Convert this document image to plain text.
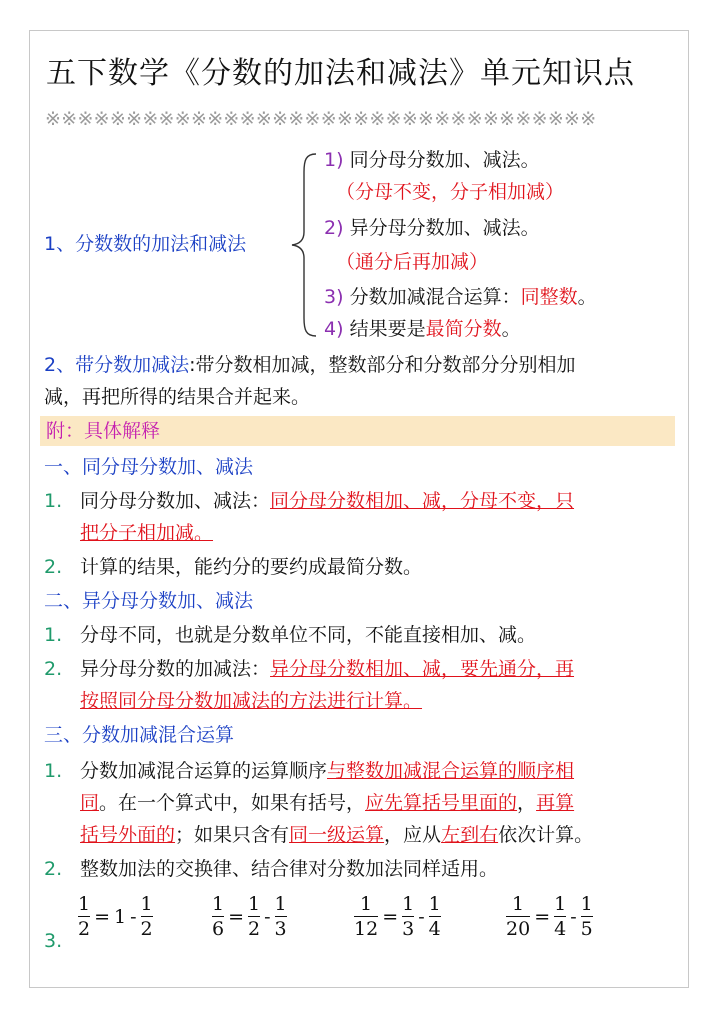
五下数学《分数的加法和减法》单元知识点
※※※※※※※※※※※※※※※※※※※※※※※※※※※※※※※※※※
1、分数数的加法和减法
1) 同分母分数加、减法。
（分母不变，分子相加减）
2) 异分母分数加、减法。
（通分后再加减）
3) 分数加减混合运算：同整数。
4) 结果要是最简分数。
2、带分数加减法:带分数相加减，整数部分和分数部分分别相加
减，再把所得的结果合并起来。
附：具体解释
一、同分母分数加、减法
1. 同分母分数加、减法：同分母分数相加、减，分母不变，只
把分子相加减。
2. 计算的结果，能约分的要约成最简分数。
二、异分母分数加、减法
1. 分母不同，也就是分数单位不同，不能直接相加、减。
2. 异分母分数的加减法：异分母分数相加、减，要先通分，再
按照同分母分数加减法的方法进行计算。
三、分数加减混合运算
1. 分数加减混合运算的运算顺序与整数加减混合运算的顺序相
同。在一个算式中，如果有括号，应先算括号里面的，再算
括号外面的；如果只含有同一级运算，应从左到右依次计算。
2. 整数加法的交换律、结合律对分数加法同样适用。
3. $\frac{1}{2} = 1 - \frac{1}{2}$	$\frac{1}{6} = \frac{1}{2} - \frac{1}{3}$	$\frac{1}{12} = \frac{1}{3} - \frac{1}{4}$	$\frac{1}{20} = \frac{1}{4} - \frac{1}{5}$
